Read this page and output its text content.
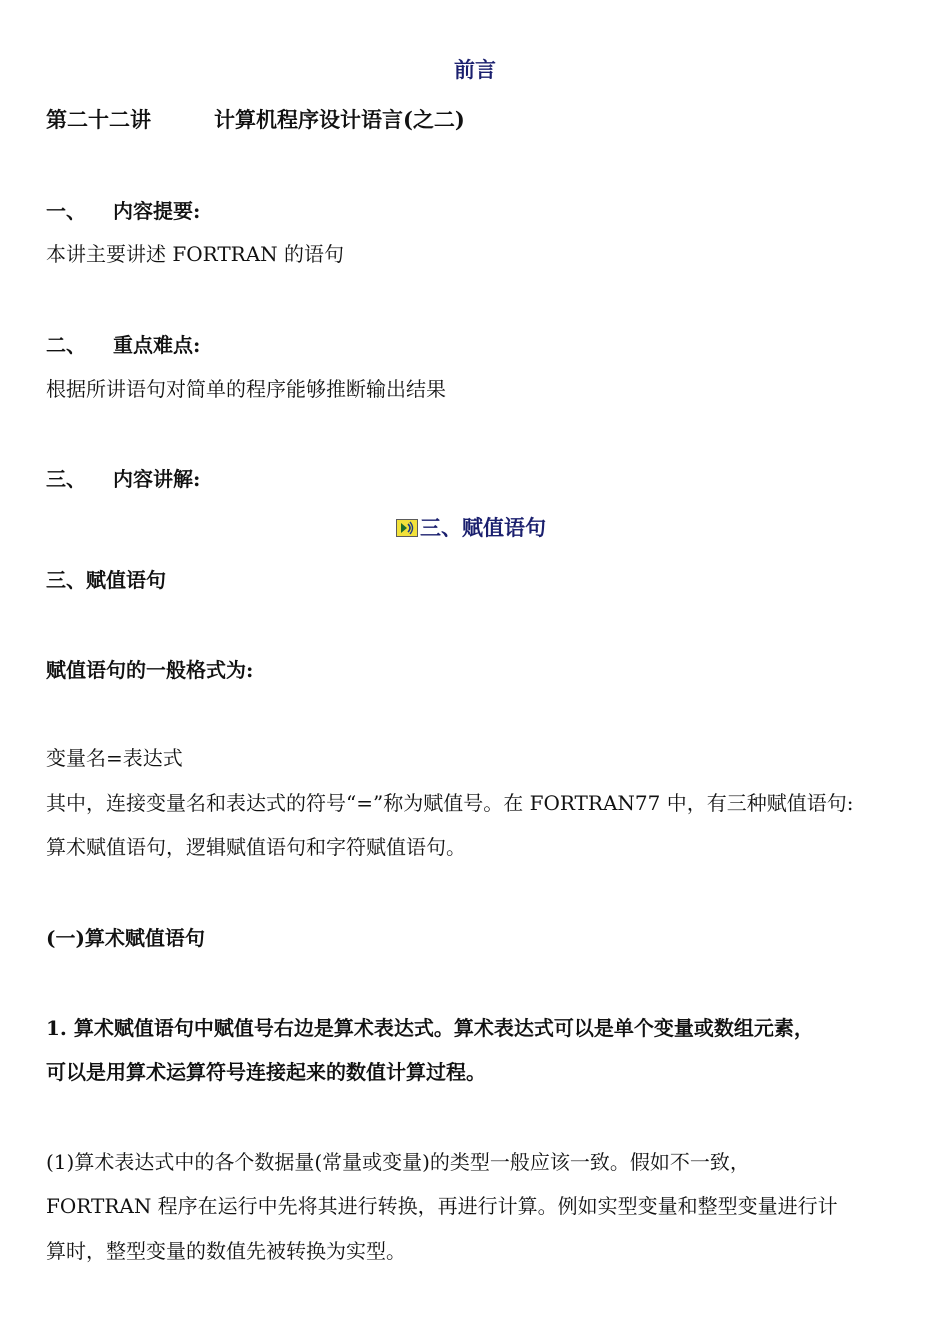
前言
第二十二讲	计算机程序设计语言(之二)
一、 内容提要:
本讲主要讲述 FORTRAN 的语句
二、 重点难点:
根据所讲语句对简单的程序能够推断输出结果
三、 内容讲解:
三、赋值语句
三、赋值语句
赋值语句的一般格式为:
变量名=表达式
其中，连接变量名和表达式的符号“=”称为赋值号。在 FORTRAN77 中，有三种赋值语句:
算术赋值语句，逻辑赋值语句和字符赋值语句。
(一)算术赋值语句
1. 算术赋值语句中赋值号右边是算术表达式。算术表达式可以是单个变量或数组元素，
可以是用算术运算符号连接起来的数值计算过程。
(1)算术表达式中的各个数据量(常量或变量)的类型一般应该一致。假如不一致，
FORTRAN 程序在运行中先将其进行转换，再进行计算。例如实型变量和整型变量进行计
算时，整型变量的数值先被转换为实型。
